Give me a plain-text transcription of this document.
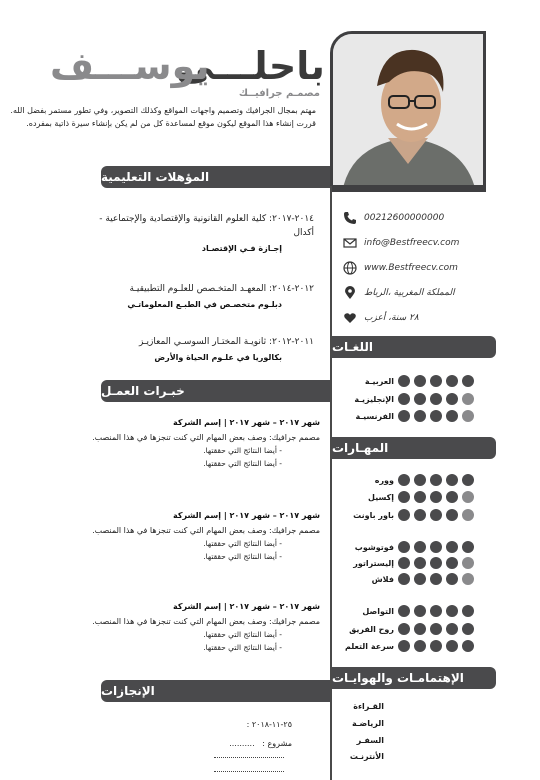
باحلـــى
يوســـف
مصمـم جرافيــك
مهتم بمجال الجرافيك وتصميم واجهات المواقع وكذلك التصوير، وفي تطور مستمر بفضل الله. قررت إنشاء هذا الموقع ليكون موقع لمساعدة كل من لم يكن بإنشاء سيرة ذاتية بمفرده.
00212600000000
info@Bestfreecv.com
www.Bestfreecv.com
المملكة المغربية ،الرباط
٢٨ سنة، أعزب
اللغـات
المهـارات
الإهتمامـات والهوايـات
العربيـة
الإنجليزيـة
الفرنسيـة
ووره
إكسيل
باور باونت
فوتوشوب
إليستراتور
فلاش
التواصل
روح الفريق
سرعة التعلم
القـراءة
الرياضـة
السفـر
الأنترنـت
المؤهلات التعليمية
خبـرات العمـل
الإنجازات
٢٠١٤-٢٠١٧: كلية العلوم القانونية والإقتصادية والإجتماعية -
أكدال
إجـازة فـي الإقتصـاد
٢٠١٢-٢٠١٤: المعهـد المتخـصص للعلـوم التطبيقيـة
دبلـوم متخصـص في الطبـع المعلوماتـي
٢٠١١-٢٠١٢: ثانويـة المختـار السوسـي المعازيـز
بكالوريا في علـوم الحياة والأرض
شهر ٢٠١٧ – شهر ٢٠١٧ | إسم الشركة
مصمم جرافيك: وصف بعض المهام التي كنت تنجزها في هذا المنصب.
- أيضا النتائج التي حققتها.
- أيضا النتائج التي حققتها.
شهر ٢٠١٧ – شهر ٢٠١٧ | إسم الشركة
مصمم جرافيك: وصف بعض المهام التي كنت تنجزها في هذا المنصب.
- أيضا النتائج التي حققتها.
- أيضا النتائج التي حققتها.
شهر ٢٠١٧ – شهر ٢٠١٧ | إسم الشركة
مصمم جرافيك: وصف بعض المهام التي كنت تنجزها في هذا المنصب.
- أيضا النتائج التي حققتها.
- أيضا النتائج التي حققتها.
٢٥-١١-٢٠١٨ :
مشروع :‎ ‎ ‎ ‎..........
